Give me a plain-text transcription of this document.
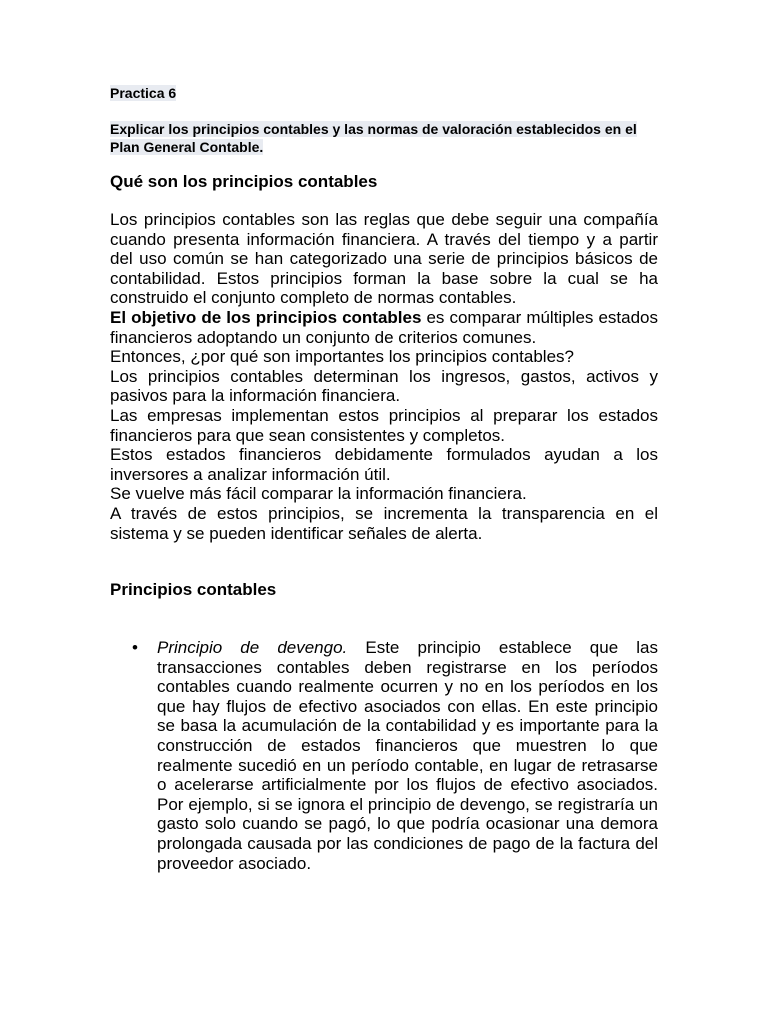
Practica 6

Explicar los principios contables y las normas de valoración establecidos en el Plan General Contable.

Qué son los principios contables

Los principios contables son las reglas que debe seguir una compañía cuando presenta información financiera. A través del tiempo y a partir del uso común se han categorizado una serie de principios básicos de contabilidad. Estos principios forman la base sobre la cual se ha construido el conjunto completo de normas contables.

El objetivo de los principios contables es comparar múltiples estados financieros adoptando un conjunto de criterios comunes.

Entonces, ¿por qué son importantes los principios contables?

Los principios contables determinan los ingresos, gastos, activos y pasivos para la información financiera.

Las empresas implementan estos principios al preparar los estados financieros para que sean consistentes y completos.

Estos estados financieros debidamente formulados ayudan a los inversores a analizar información útil.

Se vuelve más fácil comparar la información financiera.

A través de estos principios, se incrementa la transparencia en el sistema y se pueden identificar señales de alerta.

Principios contables
• Principio de devengo. Este principio establece que las transacciones contables deben registrarse en los períodos contables cuando realmente ocurren y no en los períodos en los que hay flujos de efectivo asociados con ellas. En este principio se basa la acumulación de la contabilidad y es importante para la construcción de estados financieros que muestren lo que realmente sucedió en un período contable, en lugar de retrasarse o acelerarse artificialmente por los flujos de efectivo asociados. Por ejemplo, si se ignora el principio de devengo, se registraría un gasto solo cuando se pagó, lo que podría ocasionar una demora prolongada causada por las condiciones de pago de la factura del proveedor asociado.
